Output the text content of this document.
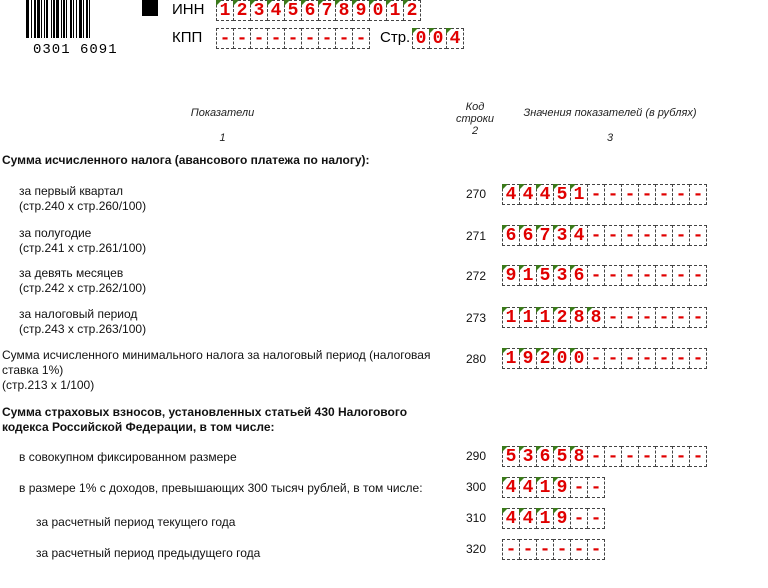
0301 6091
ИНН 1 2 3 4 5 6 7 8 9 0 1 2
КПП - - - - - - - - - Стр. 0 0 4
Показатели
1
Код
строки
2
Значения показателей (в рублях)
3
Сумма исчисленного налога (авансового платежа по налогу):
за первый квартал
(стр.240 х стр.260/100)
270	4 4 4 5 1 - - - - - - -
за полугодие
(стр.241 х стр.261/100)
271	6 6 7 3 4 - - - - - - -
за девять месяцев
(стр.242 х стр.262/100)
272	9 1 5 3 6 - - - - - - -
за налоговый период
(стр.243 х стр.263/100)
273	1 1 1 2 8 8 - - - - - -
Сумма исчисленного минимального налога за налоговый период (налоговая
ставка 1%)
(стр.213 х 1/100)
280	1 9 2 0 0 - - - - - - -
Сумма страховых взносов, установленных статьей 430 Налогового
кодекса Российской Федерации, в том числе:
в совокупном фиксированном размере	290	5 3 6 5 8 - - - - - - -
в размере 1% с доходов, превышающих 300 тысяч рублей, в том числе:	300	4 4 1 9 - -
за расчетный период текущего года	310	4 4 1 9 - -
за расчетный период предыдущего года	320	- - - - - -
